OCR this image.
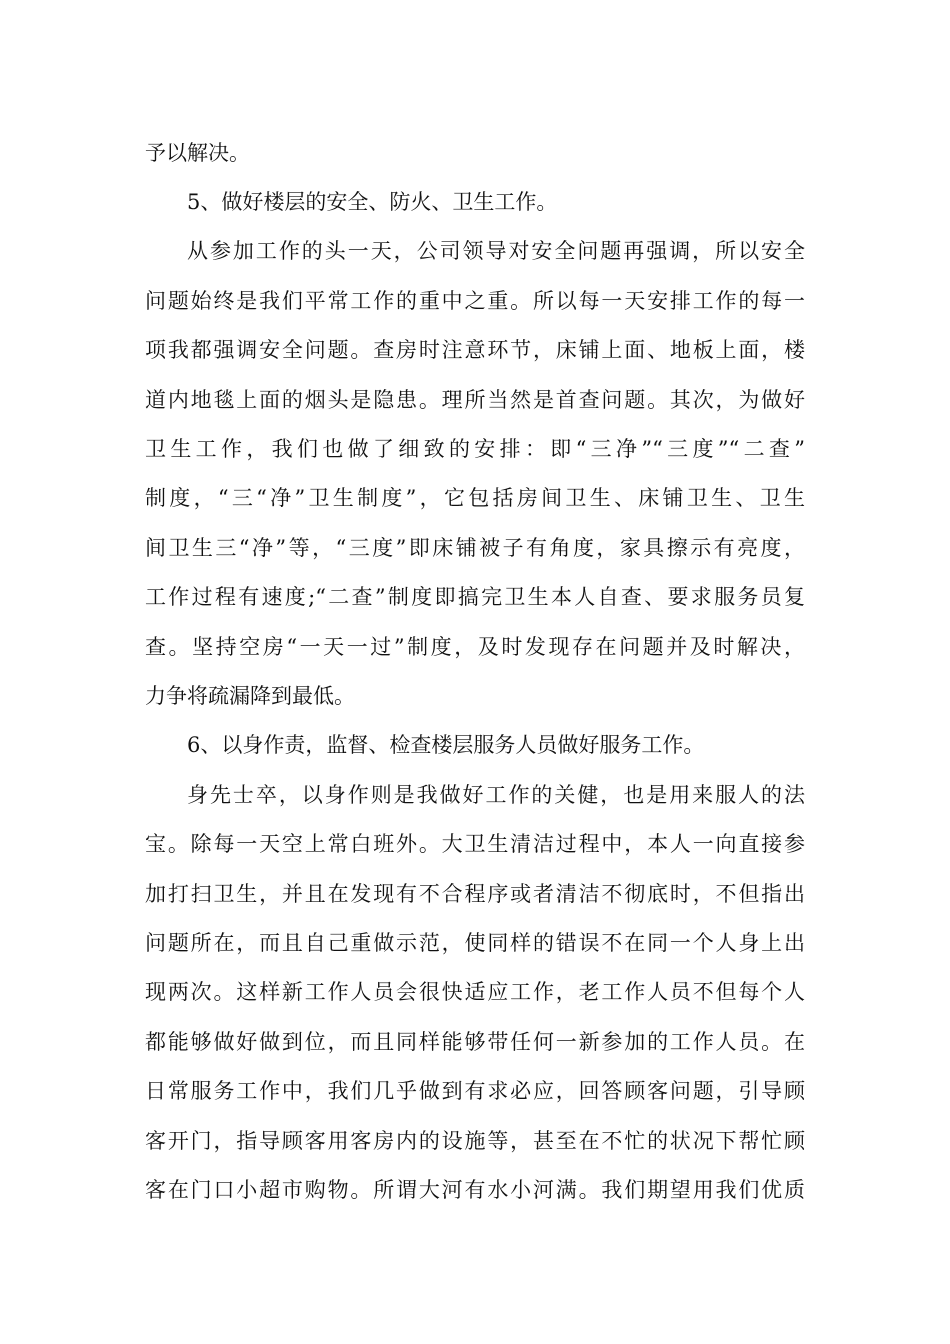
予以解决。
5、做好楼层的安全、防火、卫生工作。
从参加工作的头一天，公司领导对安全问题再强调，所以安全
问题始终是我们平常工作的重中之重。所以每一天安排工作的每一
项我都强调安全问题。查房时注意环节，床铺上面、地板上面，楼
道内地毯上面的烟头是隐患。理所当然是首查问题。其次，为做好
卫生工作，我们也做了细致的安排：即“三净”“三度”“二查”
制度，“三“净”卫生制度”，它包括房间卫生、床铺卫生、卫生
间卫生三“净”等，“三度”即床铺被子有角度，家具擦示有亮度，
工作过程有速度;“二查”制度即搞完卫生本人自查、要求服务员复
查。坚持空房“一天一过”制度，及时发现存在问题并及时解决，
力争将疏漏降到最低。
6、以身作责，监督、检查楼层服务人员做好服务工作。
身先士卒，以身作则是我做好工作的关健，也是用来服人的法
宝。除每一天空上常白班外。大卫生清洁过程中，本人一向直接参
加打扫卫生，并且在发现有不合程序或者清洁不彻底时，不但指出
问题所在，而且自己重做示范，使同样的错误不在同一个人身上出
现两次。这样新工作人员会很快适应工作，老工作人员不但每个人
都能够做好做到位，而且同样能够带任何一新参加的工作人员。在
日常服务工作中，我们几乎做到有求必应，回答顾客问题，引导顾
客开门，指导顾客用客房内的设施等，甚至在不忙的状况下帮忙顾
客在门口小超市购物。所谓大河有水小河满。我们期望用我们优质
